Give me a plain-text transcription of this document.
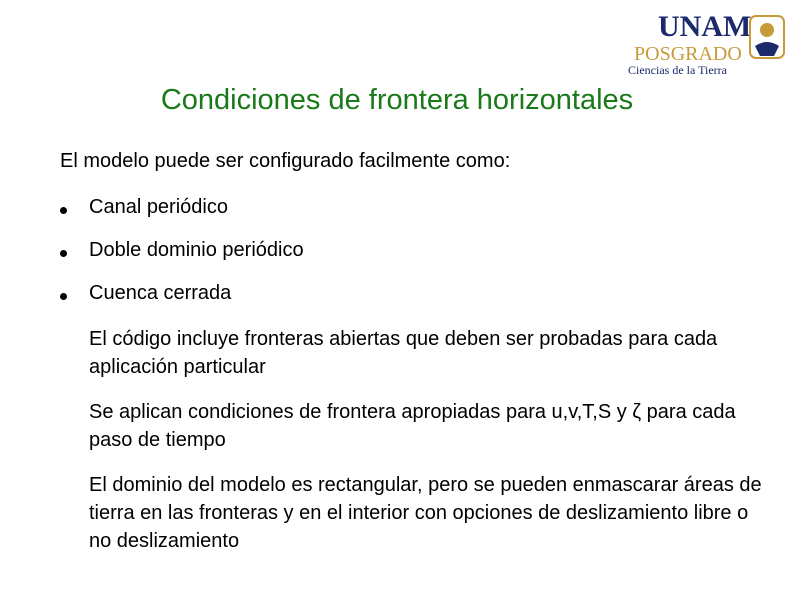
UNAM
POSGRADO
Ciencias de la Tierra
Condiciones de frontera horizontales
El modelo puede ser configurado facilmente como:
Canal periódico
Doble dominio periódico
Cuenca cerrada
El código incluye fronteras abiertas que deben ser probadas para cada aplicación particular
Se aplican condiciones de frontera apropiadas para u,v,T,S y ζ para cada paso de tiempo
El dominio del modelo es rectangular, pero se pueden enmascarar áreas de tierra en las fronteras y en el interior con opciones de deslizamiento libre o no deslizamiento
